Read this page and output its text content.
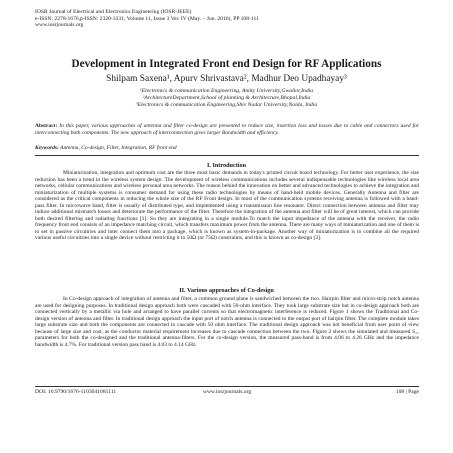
IOSR Journal of Electrical and Electronics Engineering (IOSR-JEEE)
e-ISSN: 2278-1676,p-ISSN: 2320-3331, Volume 11, Issue 3 Ver. IV (May. – Jun. 2016), PP 108-111
www.iosrjournals.org
Development in Integrated Front end Design for RF Applications
Shilpam Saxena¹, Apurv Shrivastava², Madhur Deo Upadhayay³
¹Electronics & communication Engineering, Amity University,Gwalior,India
²ArchitectureDepartment,School of planning & Architecture,Bhopal,India
³Electronics & communication Engineering,Shiv Nadar University,Noida, India
Abstract: In this paper, various approaches of antenna and filter co-design are presented to reduce size, insertion loss and losses due to cable and connectors used for interconnecting both components. The new approach of interconnection gives larger Bandwidth and efficiency.
Keywords: Antenna, Co-design, Filter, Integration, RF front end
I. Introduction
Miniaturization, integration and optimum cost are the three most basic demands in today's printed circuit board technology. For better user experience, the size reduction has been a trend in the wireless system design. The development of wireless communications includes several indispensable technologies like wireless local area networks, cellular communications and wireless personal area networks. The reason behind the innovation on better and advanced technologies to achieve the integration and miniaturization of multiple systems is consumer demand for using these radio technologies by means of hand-held mobile devices. Generally Antenna and filter are considered as the critical components in reducing the whole size of the RF Front design. In most of the communication systems receiving antenna is followed with a band-pass filter. In microwave band, filter is usually of distributed type, and implemented using a transmission line resonator. Direct connection between antenna and filter may induce additional mismatch losses and deteriorate the performance of the filter. Therefore the integration of the antenna and filter will be of great interest, which can provide both desired filtering and radiating functions [1]. So they are integrating in a single module.To match the input impedance of the antenna with the receiver, the radio frequency front end consists of an impedance matching circuit, which transfers maximum power from the antenna. There are many ways of miniaturization and one of them is to set in passive circuitries and inter connect them into a package, which is known as system-in-package. Another way of miniaturization is to combine all the required various useful circuitries into a single device without restricting it to 50Ω (or 75Ω) constraints, and this is known as co-design [3].
II. Various approaches of Co-design
In Co-design approach of integration of antenna and filter, a common ground plane is sandwiched between the two. Hairpin filter and micro-strip notch antenna are used for designing purposes. In traditional design approach both were cascaded with 50-ohm interface. They took large substrate size but in co-design approach both are connected vertically by a metallic via hole and arranged to have parallel currents so that electromagnetic interference is reduced. Figure 1 shows the Traditional and Co-design version of antenna and filter. In traditional design approach the input port of notch antenna is connected to the output port of hairpin filter. The complete module takes large substrate size and both the components are connected in cascade with 50 ohm interface. The traditional design approach was not beneficial from user point of view because of large size and cost, as the conductor material requirement increases due to cascade connection between the two. Figure 2 shows the simulated and measured S₁₁ parameters for both the co-designed and the traditional antenna-filters. For the co-design version, the measured pass-band is from 4.06 to 4.26 GHz and the impedance bandwidth is 4.7%. For traditional version pass band is 4.03 to 4.14 GHz.
DOI: 10.9790/1676-1103041081111	www.iosrjournals.org	108 | Page
